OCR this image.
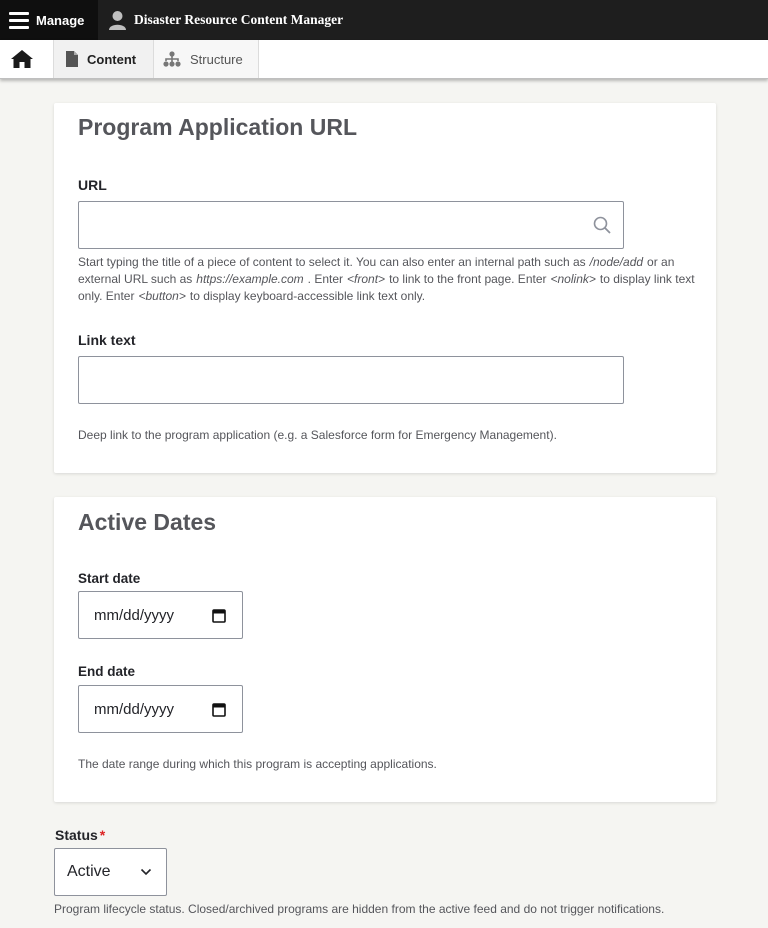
Manage	Disaster Resource Content Manager
Content	Structure
Program Application URL
URL
Start typing the title of a piece of content to select it. You can also enter an internal path such as /node/add or an external URL such as https://example.com . Enter <front> to link to the front page. Enter <nolink> to display link text only. Enter <button> to display keyboard-accessible link text only.
Link text
Deep link to the program application (e.g. a Salesforce form for Emergency Management).
Active Dates
Start date
mm/dd/yyyy
End date
mm/dd/yyyy
The date range during which this program is accepting applications.
Status *
Active
Program lifecycle status. Closed/archived programs are hidden from the active feed and do not trigger notifications.
